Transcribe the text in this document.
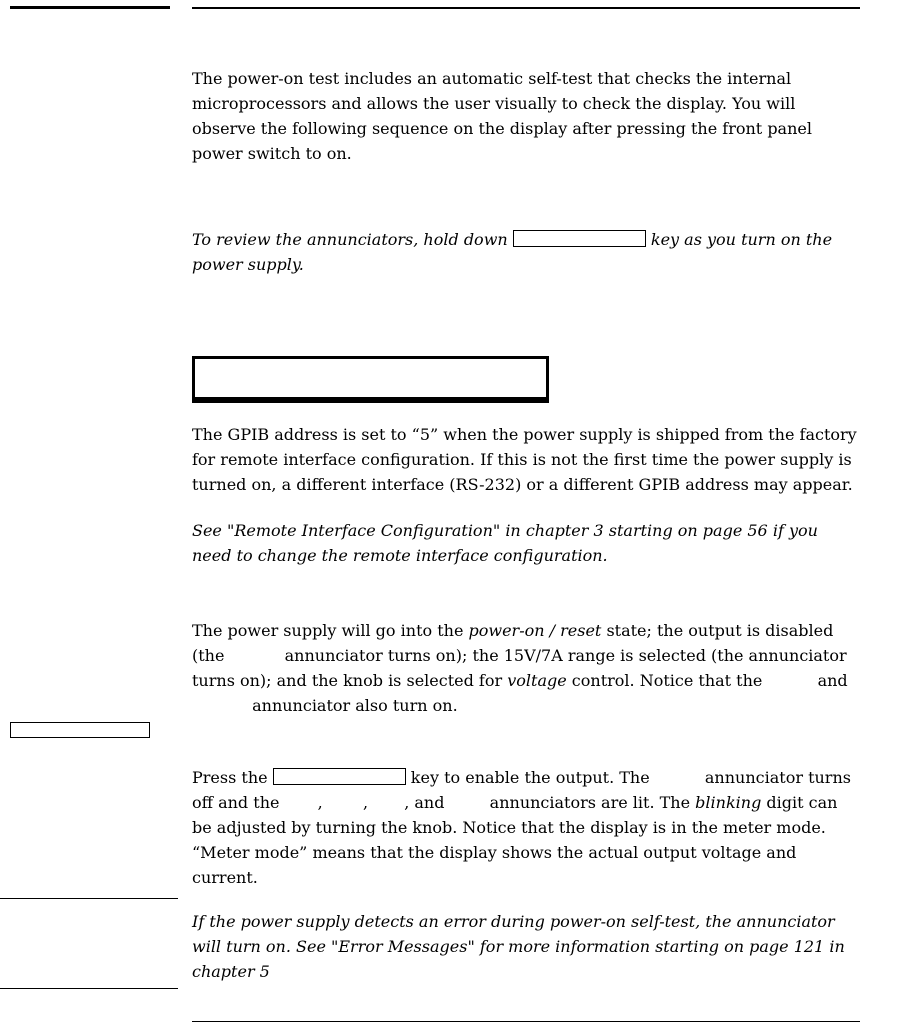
The power-on test includes an automatic self-test that checks the internal microprocessors and allows the user visually to check the display. You will observe the following sequence on the display after pressing the front panel power switch to on.

To review the annunciators, hold down	key as you turn on the power supply.

The GPIB address is set to “5” when the power supply is shipped from the factory for remote interface configuration. If this is not the first time the power supply is turned on, a different interface (RS-232) or a different GPIB address may appear.

See "Remote Interface Configuration" in chapter 3 starting on page 56 if you need to change the remote interface configuration.

The power supply will go into the power-on / reset state; the output is disabled (the	annunciator turns on); the 15V/7A range is selected (the annunciator turns on); and the knob is selected for voltage control. Notice that the	and  annunciator also turn on.

Press the	key to enable the output. The	annunciator turns off and the ,	, , and	annunciators are lit. The blinking digit can be adjusted by turning the knob. Notice that the display is in the meter mode. “Meter mode” means that the display shows the actual output voltage and current.

If the power supply detects an error during power-on self-test, the annunciator will turn on. See "Error Messages" for more information starting on page 121 in chapter 5
